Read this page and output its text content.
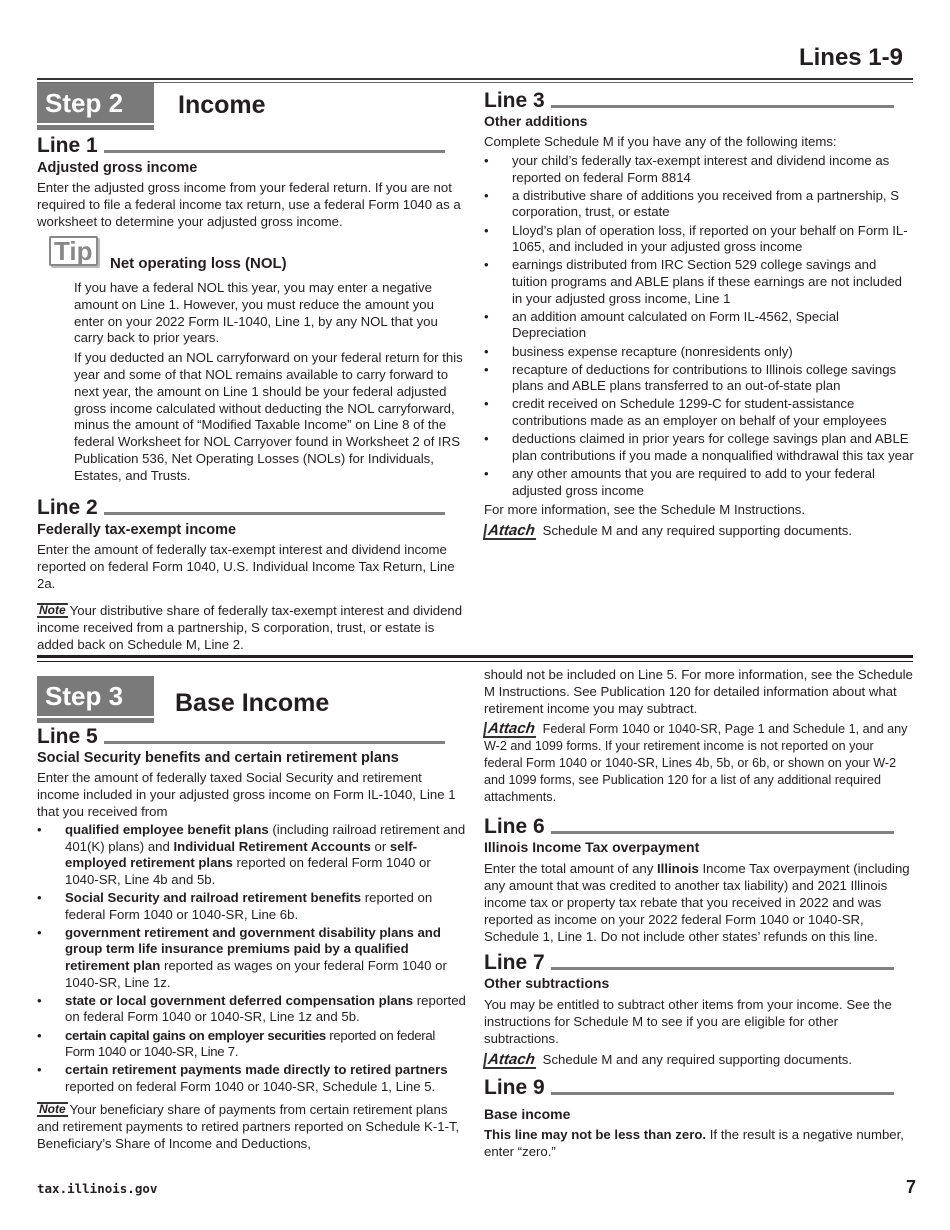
Lines 1-9
Step 2	Income
Line 1

Adjusted gross income

Enter the adjusted gross income from your federal return. If you are not required to file a federal income tax return, use a federal Form 1040 as a worksheet to determine your adjusted gross income.

Tip	Net operating loss (NOL)

If you have a federal NOL this year, you may enter a negative amount on Line 1. However, you must reduce the amount you enter on your 2022 Form IL-1040, Line 1, by any NOL that you carry back to prior years.

If you deducted an NOL carryforward on your federal return for this year and some of that NOL remains available to carry forward to next year, the amount on Line 1 should be your federal adjusted gross income calculated without deducting the NOL carryforward, minus the amount of “Modified Taxable Income” on Line 8 of the federal Worksheet for NOL Carryover found in Worksheet 2 of IRS Publication 536, Net Operating Losses (NOLs) for Individuals, Estates, and Trusts.

Line 2

Federally tax-exempt income

Enter the amount of federally tax-exempt interest and dividend income reported on federal Form 1040, U.S. Individual Income Tax Return, Line 2a.

Note Your distributive share of federally tax-exempt interest and dividend income received from a partnership, S corporation, trust, or estate is added back on Schedule M, Line 2.

Line 3

Other additions

Complete Schedule M if you have any of the following items:

• your child’s federally tax-exempt interest and dividend income as reported on federal Form 8814
• a distributive share of additions you received from a partnership, S corporation, trust, or estate
• Lloyd’s plan of operation loss, if reported on your behalf on Form IL-1065, and included in your adjusted gross income
• earnings distributed from IRC Section 529 college savings and tuition programs and ABLE plans if these earnings are not included in your adjusted gross income, Line 1
• an addition amount calculated on Form IL-4562, Special Depreciation
• business expense recapture (nonresidents only)
• recapture of deductions for contributions to Illinois college savings plans and ABLE plans transferred to an out-of-state plan
• credit received on Schedule 1299-C for student-assistance contributions made as an employer on behalf of your employees
• deductions claimed in prior years for college savings plan and ABLE plan contributions if you made a nonqualified withdrawal this tax year
• any other amounts that you are required to add to your federal adjusted gross income

For more information, see the Schedule M Instructions.

Attach Schedule M and any required supporting documents.

Step 3	Base Income
Line 5

Social Security benefits and certain retirement plans

Enter the amount of federally taxed Social Security and retirement income included in your adjusted gross income on Form IL-1040, Line 1 that you received from

• qualified employee benefit plans (including railroad retirement and 401(K) plans) and Individual Retirement Accounts or self-employed retirement plans reported on federal Form 1040 or 1040-SR, Line 4b and 5b.
• Social Security and railroad retirement benefits reported on federal Form 1040 or 1040-SR, Line 6b.
• government retirement and government disability plans and group term life insurance premiums paid by a qualified retirement plan reported as wages on your federal Form 1040 or 1040-SR, Line 1z.
• state or local government deferred compensation plans reported on federal Form 1040 or 1040-SR, Line 1z and 5b.
• certain capital gains on employer securities reported on federal Form 1040 or 1040-SR, Line 7.
• certain retirement payments made directly to retired partners reported on federal Form 1040 or 1040-SR, Schedule 1, Line 5.

Note Your beneficiary share of payments from certain retirement plans and retirement payments to retired partners reported on Schedule K-1-T, Beneficiary’s Share of Income and Deductions,

should not be included on Line 5. For more information, see the Schedule M Instructions. See Publication 120 for detailed information about what retirement income you may subtract.

Attach Federal Form 1040 or 1040-SR, Page 1 and Schedule 1, and any W-2 and 1099 forms. If your retirement income is not reported on your federal Form 1040 or 1040-SR, Lines 4b, 5b, or 6b, or shown on your W-2 and 1099 forms, see Publication 120 for a list of any additional required attachments.

Line 6

Illinois Income Tax overpayment

Enter the total amount of any Illinois Income Tax overpayment (including any amount that was credited to another tax liability) and 2021 Illinois income tax or property tax rebate that you received in 2022 and was reported as income on your 2022 federal Form 1040 or 1040-SR, Schedule 1, Line 1. Do not include other states’ refunds on this line.

Line 7

Other subtractions

You may be entitled to subtract other items from your income. See the instructions for Schedule M to see if you are eligible for other subtractions.

Attach Schedule M and any required supporting documents.

Line 9

Base income

This line may not be less than zero. If the result is a negative number, enter “zero.”

tax.illinois.gov	7
